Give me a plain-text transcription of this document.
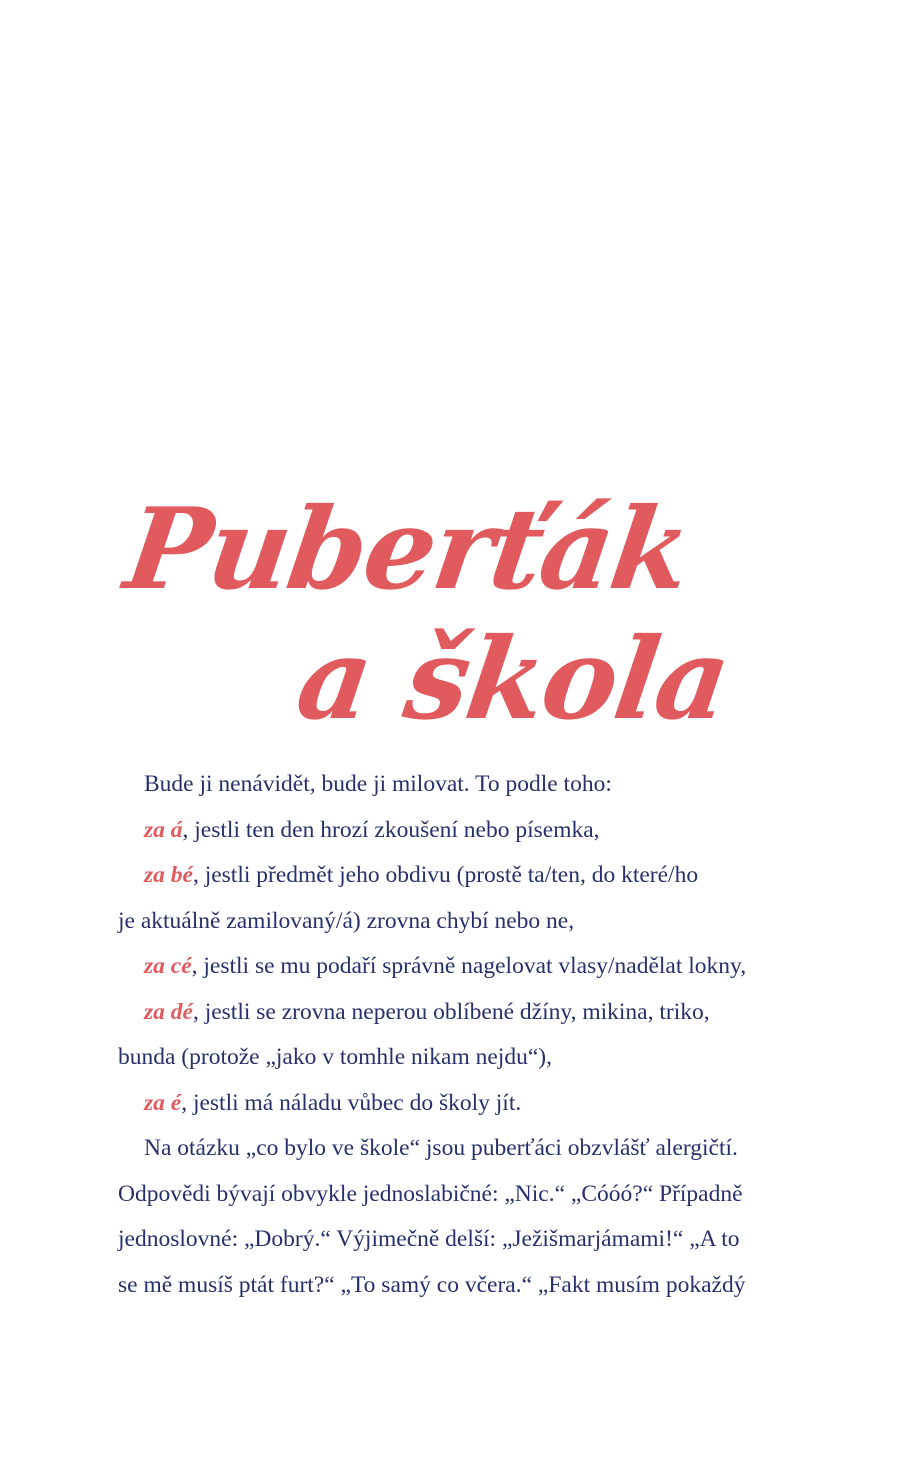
Puberťák
a škola

Bude ji nenávidět, bude ji milovat. To podle toho:

za á, jestli ten den hrozí zkoušení nebo písemka,

za bé, jestli předmět jeho obdivu (prostě ta/ten, do které/ho

je aktuálně zamilovaný/á) zrovna chybí nebo ne,

za cé, jestli se mu podaří správně nagelovat vlasy/nadělat lokny,

za dé, jestli se zrovna neperou oblíbené džíny, mikina, triko,

bunda (protože „jako v tomhle nikam nejdu“),

za é, jestli má náladu vůbec do školy jít.

Na otázku „co bylo ve škole“ jsou puberťáci obzvlášť alergičtí.

Odpovědi bývají obvykle jednoslabičné: „Nic.“ „Cóóó?“ Případně

jednoslovné: „Dobrý.“ Výjimečně delší: „Ježišmarjámami!“ „A to

se mě musíš ptát furt?“ „To samý co včera.“ „Fakt musím pokaždý
